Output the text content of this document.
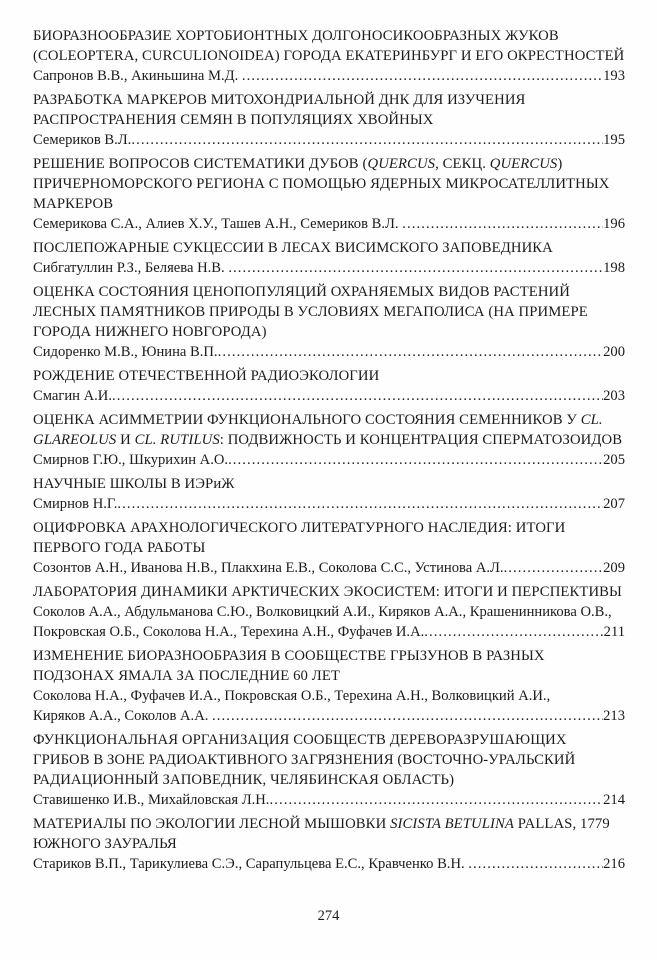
БИОРАЗНООБРАЗИЕ ХОРТОБИОНТНЫХ ДОЛГОНОСИКООБРАЗНЫХ ЖУКОВ
(COLEOPTERA, CURCULIONOIDEA) ГОРОДА ЕКАТЕРИНБУРГ И ЕГО ОКРЕСТНОСТЕЙ
Сапронов В.В., Акиньшина М.Д. .....	193
РАЗРАБОТКА МАРКЕРОВ МИТОХОНДРИАЛЬНОЙ ДНК ДЛЯ ИЗУЧЕНИЯ
РАСПРОСТРАНЕНИЯ СЕМЯН В ПОПУЛЯЦИЯХ ХВОЙНЫХ
Семериков В.Л. .....	195
РЕШЕНИЕ ВОПРОСОВ СИСТЕМАТИКИ ДУБОВ (QUERCUS, СЕКЦ. QUERCUS)
ПРИЧЕРНОМОРСКОГО РЕГИОНА С ПОМОЩЬЮ ЯДЕРНЫХ МИКРОСАТЕЛЛИТНЫХ
МАРКЕРОВ
Семерикова С.А., Алиев Х.У., Ташев А.Н., Семериков В.Л. .....	196
ПОСЛЕПОЖАРНЫЕ СУКЦЕССИИ В ЛЕСАХ ВИСИМСКОГО ЗАПОВЕДНИКА
Сибгатуллин Р.З., Беляева Н.В. .....	198
ОЦЕНКА СОСТОЯНИЯ ЦЕНОПОПУЛЯЦИЙ ОХРАНЯЕМЫХ ВИДОВ РАСТЕНИЙ
ЛЕСНЫХ ПАМЯТНИКОВ ПРИРОДЫ В УСЛОВИЯХ МЕГАПОЛИСА (НА ПРИМЕРЕ
ГОРОДА НИЖНЕГО НОВГОРОДА)
Сидоренко М.В., Юнина В.П. .....	200
РОЖДЕНИЕ ОТЕЧЕСТВЕННОЙ РАДИОЭКОЛОГИИ
Смагин А.И. .....	203
ОЦЕНКА АСИММЕТРИИ ФУНКЦИОНАЛЬНОГО СОСТОЯНИЯ СЕМЕННИКОВ У CL.
GLAREOLUS И CL. RUTILUS: ПОДВИЖНОСТЬ И КОНЦЕНТРАЦИЯ СПЕРМАТОЗОИДОВ
Смирнов Г.Ю., Шкурихин А.О. .....	205
НАУЧНЫЕ ШКОЛЫ В ИЭРиЖ
Смирнов Н.Г. .....	207
ОЦИФРОВКА АРАХНОЛОГИЧЕСКОГО ЛИТЕРАТУРНОГО НАСЛЕДИЯ: ИТОГИ
ПЕРВОГО ГОДА РАБОТЫ
Созонтов А.Н., Иванова Н.В., Плакхина Е.В., Соколова С.С., Устинова А.Л. .....	209
ЛАБОРАТОРИЯ ДИНАМИКИ АРКТИЧЕСКИХ ЭКОСИСТЕМ: ИТОГИ И ПЕРСПЕКТИВЫ
Соколов А.А., Абдульманова С.Ю., Волковицкий А.И., Киряков А.А., Крашенинникова О.В.,
Покровская О.Б., Соколова Н.А., Терехина А.Н., Фуфачев И.А. .....	211
ИЗМЕНЕНИЕ БИОРАЗНООБРАЗИЯ В СООБЩЕСТВЕ ГРЫЗУНОВ В РАЗНЫХ
ПОДЗОНАХ ЯМАЛА ЗА ПОСЛЕДНИЕ 60 ЛЕТ
Соколова Н.А., Фуфачев И.А., Покровская О.Б., Терехина А.Н., Волковицкий А.И.,
Киряков А.А., Соколов А.А. .....	213
ФУНКЦИОНАЛЬНАЯ ОРГАНИЗАЦИЯ СООБЩЕСТВ ДЕРЕВОРАЗРУШАЮЩИХ
ГРИБОВ В ЗОНЕ РАДИОАКТИВНОГО ЗАГРЯЗНЕНИЯ (ВОСТОЧНО-УРАЛЬСКИЙ
РАДИАЦИОННЫЙ ЗАПОВЕДНИК, ЧЕЛЯБИНСКАЯ ОБЛАСТЬ)
Ставишенко И.В., Михайловская Л.Н. .....	214
МАТЕРИАЛЫ ПО ЭКОЛОГИИ ЛЕСНОЙ МЫШОВКИ SICISTA BETULINA PALLAS, 1779
ЮЖНОГО ЗАУРАЛЬЯ
Стариков В.П., Тарикулиева С.Э., Сарапульцева Е.С., Кравченко В.Н. .....	216
274
